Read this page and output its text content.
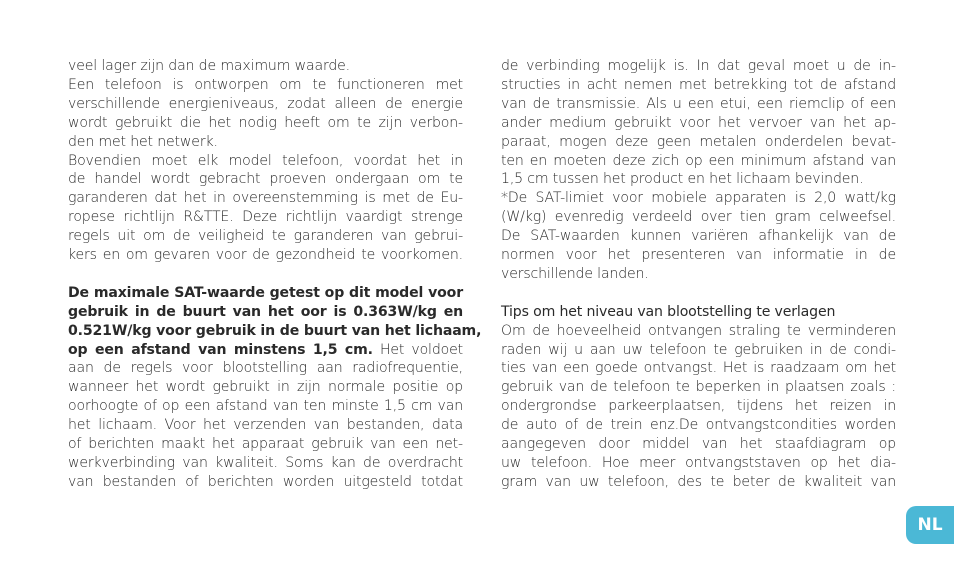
veel lager zijn dan de maximum waarde.
Een telefoon is ontworpen om te functioneren met
verschillende energieniveaus, zodat alleen de energie
wordt gebruikt die het nodig heeft om te zijn verbon-
den met het netwerk.
Bovendien moet elk model telefoon, voordat het in
de handel wordt gebracht proeven ondergaan om te
garanderen dat het in overeenstemming is met de Eu-
ropese richtlijn R&TTE. Deze richtlijn vaardigt strenge
regels uit om de veiligheid te garanderen van gebrui-
kers en om gevaren voor de gezondheid te voorkomen.
De maximale SAT-waarde getest op dit model voor
gebruik in de buurt van het oor is 0.363W/kg en
0.521W/kg voor gebruik in de buurt van het lichaam,
op een afstand van minstens 1,5 cm. Het voldoet
aan de regels voor blootstelling aan radiofrequentie,
wanneer het wordt gebruikt in zijn normale positie op
oorhoogte of op een afstand van ten minste 1,5 cm van
het lichaam. Voor het verzenden van bestanden, data
of berichten maakt het apparaat gebruik van een net-
werkverbinding van kwaliteit. Soms kan de overdracht
van bestanden of berichten worden uitgesteld totdat
de verbinding mogelijk is. In dat geval moet u de in-
structies in acht nemen met betrekking tot de afstand
van de transmissie. Als u een etui, een riemclip of een
ander medium gebruikt voor het vervoer van het ap-
paraat, mogen deze geen metalen onderdelen bevat-
ten en moeten deze zich op een minimum afstand van
1,5 cm tussen het product en het lichaam bevinden.
*De SAT-limiet voor mobiele apparaten is 2,0 watt/kg
(W/kg) evenredig verdeeld over tien gram celweefsel.
De SAT-waarden kunnen variëren afhankelijk van de
normen voor het presenteren van informatie in de
verschillende landen.
Tips om het niveau van blootstelling te verlagen
Om de hoeveelheid ontvangen straling te verminderen
raden wij u aan uw telefoon te gebruiken in de condi-
ties van een goede ontvangst. Het is raadzaam om het
gebruik van de telefoon te beperken in plaatsen zoals :
ondergrondse parkeerplaatsen, tijdens het reizen in
de auto of de trein enz.De ontvangstcondities worden
aangegeven door middel van het staafdiagram op
uw telefoon. Hoe meer ontvangststaven op het dia-
gram van uw telefoon, des te beter de kwaliteit van
NL
